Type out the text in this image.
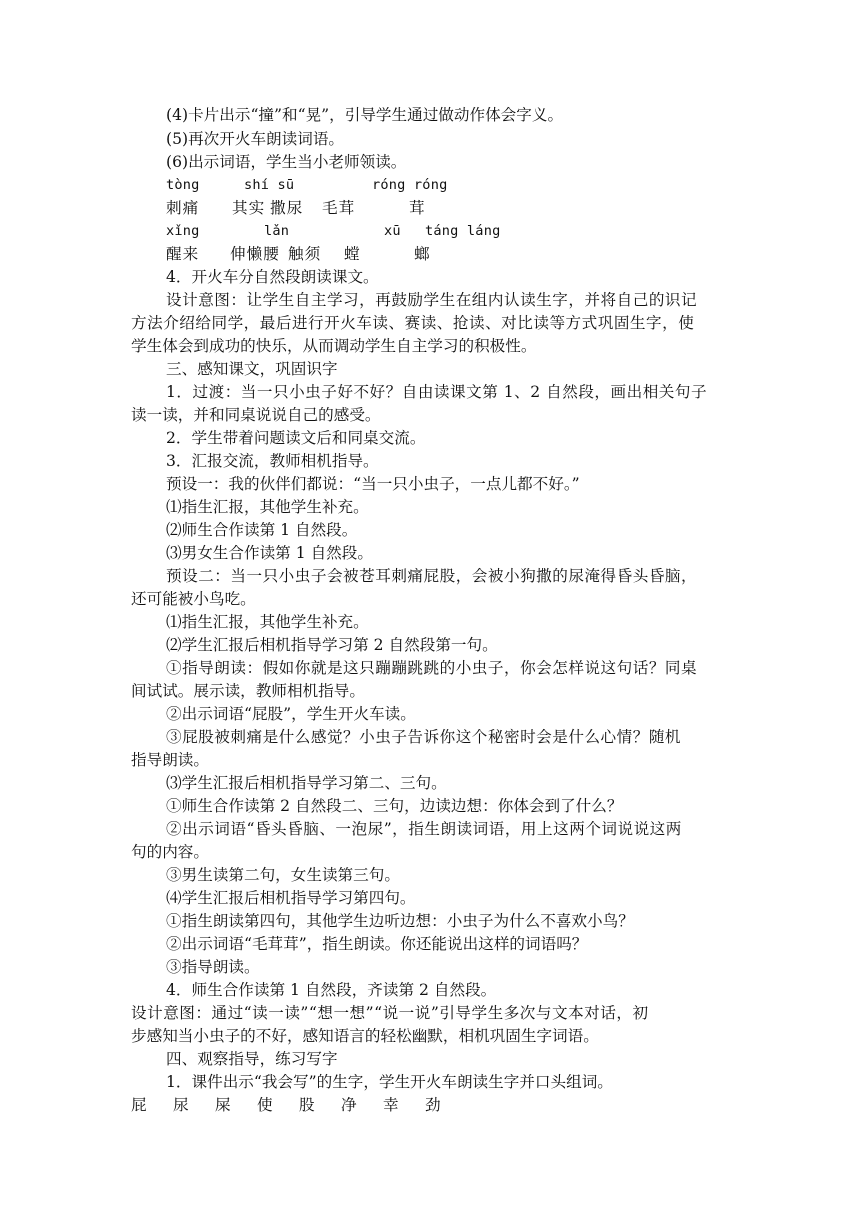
(4)卡片出示“撞”和“晃”，引导学生通过做动作体会字义。
(5)再次开火车朗读词语。
(6)出示词语，学生当小老师领读。
tòng	shí sū	róng róng
刺痛 其实 撒尿 毛茸	茸
xǐng	lǎn	xū táng láng
醒来 伸懒腰 触须 螳	螂
4．开火车分自然段朗读课文。
设计意图：让学生自主学习，再鼓励学生在组内认读生字，并将自己的识记
方法介绍给同学，最后进行开火车读、赛读、抢读、对比读等方式巩固生字，使
学生体会到成功的快乐，从而调动学生自主学习的积极性。
三、感知课文，巩固识字
1．过渡：当一只小虫子好不好？自由读课文第 1、2 自然段，画出相关句子
读一读，并和同桌说说自己的感受。
2．学生带着问题读文后和同桌交流。
3．汇报交流，教师相机指导。
预设一：我的伙伴们都说：“当一只小虫子，一点儿都不好。”
⑴指生汇报，其他学生补充。
⑵师生合作读第 1 自然段。
⑶男女生合作读第 1 自然段。
预设二：当一只小虫子会被苍耳刺痛屁股，会被小狗撒的尿淹得昏头昏脑，
还可能被小鸟吃。
⑴指生汇报，其他学生补充。
⑵学生汇报后相机指导学习第 2 自然段第一句。
①指导朗读：假如你就是这只蹦蹦跳跳的小虫子，你会怎样说这句话？同桌
间试试。展示读，教师相机指导。
②出示词语“屁股”，学生开火车读。
③屁股被刺痛是什么感觉？小虫子告诉你这个秘密时会是什么心情？随机
指导朗读。
⑶学生汇报后相机指导学习第二、三句。
①师生合作读第 2 自然段二、三句，边读边想：你体会到了什么？
②出示词语“昏头昏脑、一泡尿”，指生朗读词语，用上这两个词说说这两
句的内容。
③男生读第二句，女生读第三句。
⑷学生汇报后相机指导学习第四句。
①指生朗读第四句，其他学生边听边想：小虫子为什么不喜欢小鸟？
②出示词语“毛茸茸”，指生朗读。你还能说出这样的词语吗？
③指导朗读。
4．师生合作读第 1 自然段，齐读第 2 自然段。
设计意图：通过“读一读”“想一想”“说一说”引导学生多次与文本对话，初
步感知当小虫子的不好，感知语言的轻松幽默，相机巩固生字词语。
四、观察指导，练习写字
1．课件出示“我会写”的生字，学生开火车朗读生字并口头组词。
屁 尿 屎 使 股 净 幸 劲
